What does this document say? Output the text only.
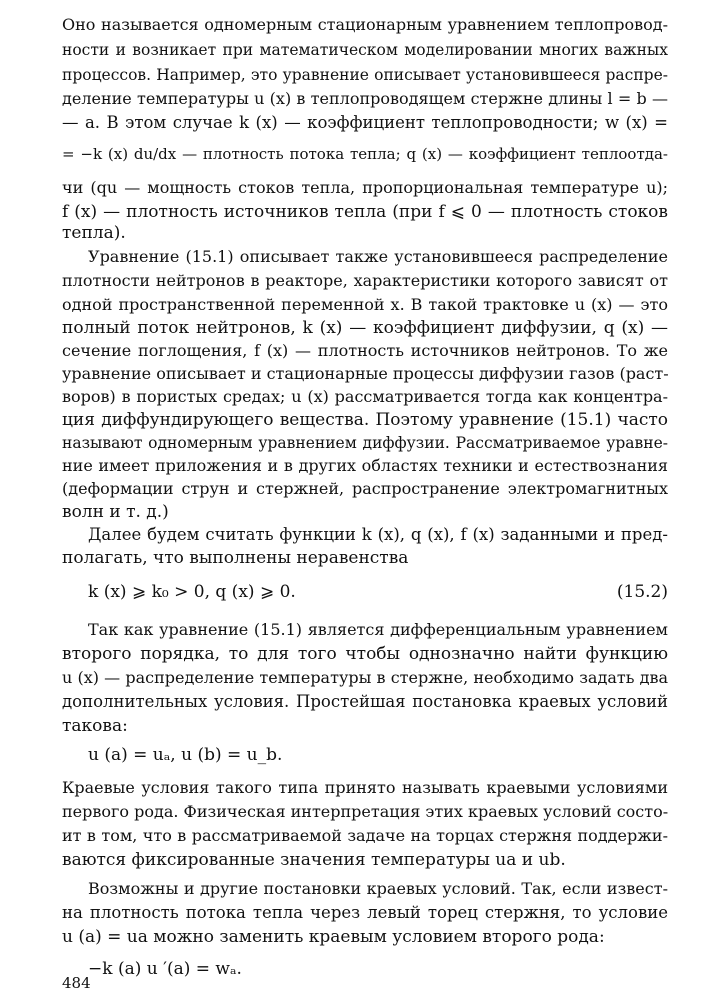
Оно называется одномерным стационарным уравнением теплопровод-
ности и возникает при математическом моделировании многих важных
процессов. Например, это уравнение описывает установившееся распре-
деление температуры u (x) в теплопроводящем стержне длины l = b —
— a. В этом случае k (x) — коэффициент теплопроводности; w (x) =
= −k (x) du/dx — плотность потока тепла; q (x) — коэффициент теплоотда-
чи (qu — мощность стоков тепла, пропорциональная температуре u);
f (x) — плотность источников тепла (при f ⩽ 0 — плотность стоков
тепла).
Уравнение (15.1) описывает также установившееся распределение
плотности нейтронов в реакторе, характеристики которого зависят от
одной пространственной переменной x. В такой трактовке u (x) — это
полный поток нейтронов, k (x) — коэффициент диффузии, q (x) —
сечение поглощения, f (x) — плотность источников нейтронов. То же
уравнение описывает и стационарные процессы диффузии газов (раст-
воров) в пористых средах; u (x) рассматривается тогда как концентра-
ция диффундирующего вещества. Поэтому уравнение (15.1) часто
называют одномерным уравнением диффузии. Рассматриваемое уравне-
ние имеет приложения и в других областях техники и естествознания
(деформации струн и стержней, распространение электромагнитных
волн и т. д.)
Далее будем считать функции k (x), q (x), f (x) заданными и пред-
полагать, что выполнены неравенства
k (x) ⩾ k₀ > 0, q (x) ⩾ 0.	(15.2)
Так как уравнение (15.1) является дифференциальным уравнением
второго порядка, то для того чтобы однозначно найти функцию
u (x) — распределение температуры в стержне, необходимо задать два
дополнительных условия. Простейшая постановка краевых условий
такова:
u (a) = uₐ, u (b) = u_b.
Краевые условия такого типа принято называть краевыми условиями
первого рода. Физическая интерпретация этих краевых условий состо-
ит в том, что в рассматриваемой задаче на торцах стержня поддержи-
ваются фиксированные значения температуры ua и ub.
Возможны и другие постановки краевых условий. Так, если извест-
на плотность потока тепла через левый торец стержня, то условие
u (a) = ua можно заменить краевым условием второго рода:
−k (a) u ′(a) = wₐ.
484
